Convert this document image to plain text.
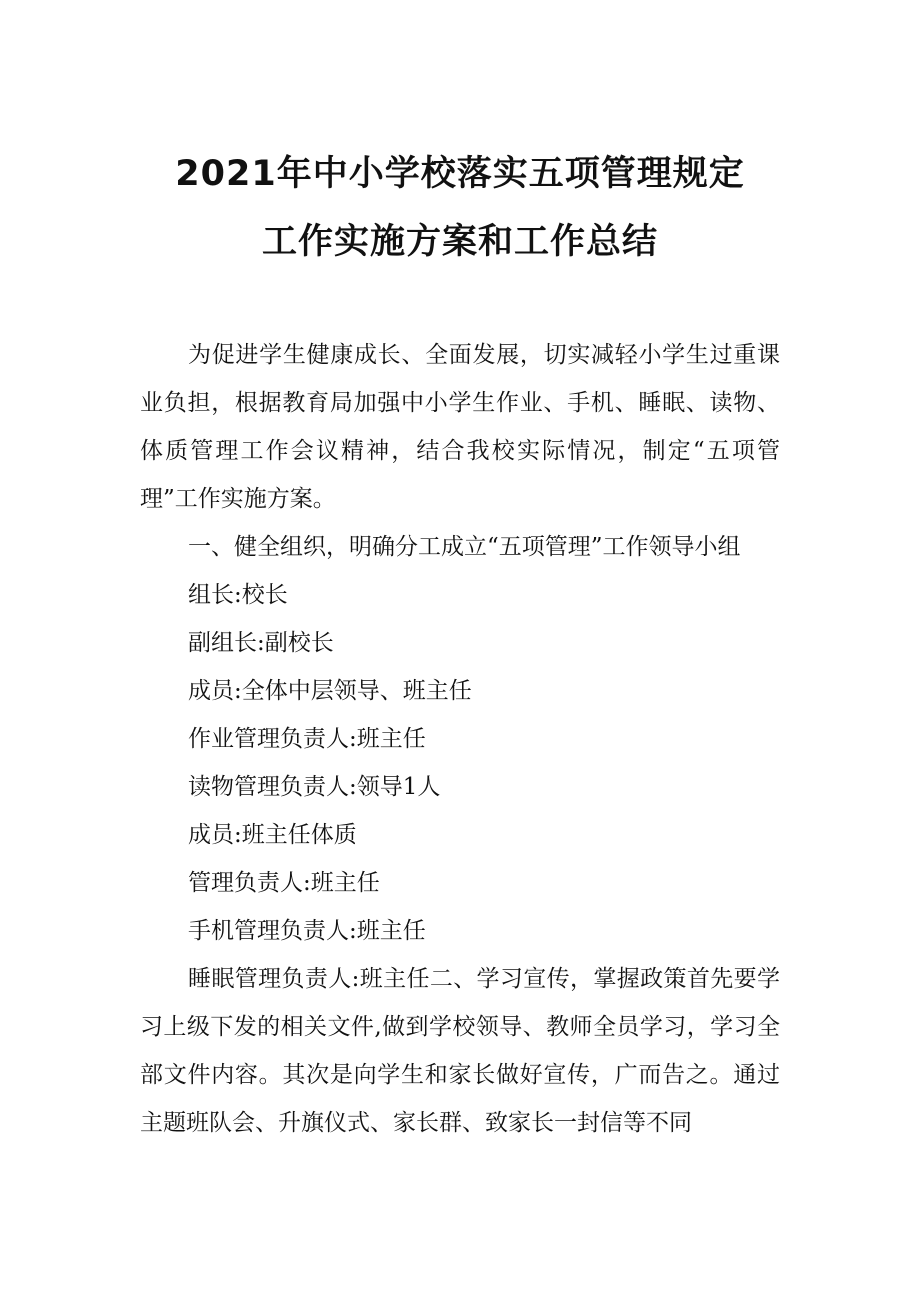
2021年中小学校落实五项管理规定
工作实施方案和工作总结

为促进学生健康成长、全面发展，切实减轻小学生过重课业负担，根据教育局加强中小学生作业、手机、睡眠、读物、体质管理工作会议精神，结合我校实际情况，制定“五项管理”工作实施方案。

一、健全组织，明确分工成立“五项管理”工作领导小组

组长:校长

副组长:副校长

成员:全体中层领导、班主任

作业管理负责人:班主任

读物管理负责人:领导1人

成员:班主任体质

管理负责人:班主任

手机管理负责人:班主任

睡眠管理负责人:班主任二、学习宣传，掌握政策首先要学习上级下发的相关文件,做到学校领导、教师全员学习，学习全部文件内容。其次是向学生和家长做好宣传，广而告之。通过主题班队会、升旗仪式、家长群、致家长一封信等不同
